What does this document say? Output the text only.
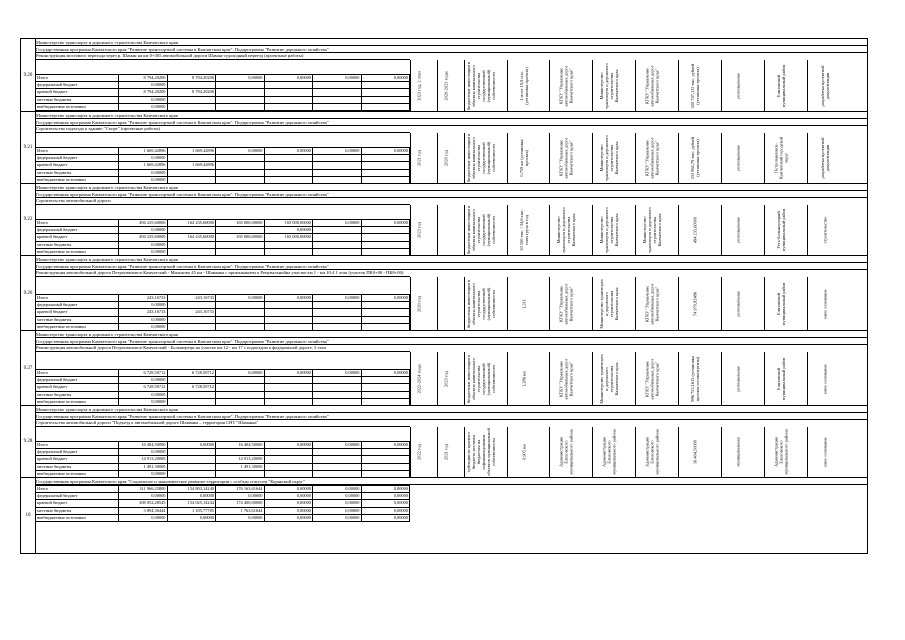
9.20
Министерство транспорта и дорожного строительства Камчатского края
Государственная программа Камчатского края "Развитие транспортной системы в Камчатском крае". Подпрограмма "Развитие дорожного хозяйства"
Реконструкция мостового перехода через р. Шаман на км 0+305 автомобильной дороги Шаман-судоходный переезд (проектные работы)
Итого	8 794,20200	8 794,20200	0,00000	0,00000	0,00000	0,00000
федеральный бюджет	0,00000					
краевой бюджет	8 794,20200	8 794,20200				
местные бюджеты	0,00000					
внебюджетные источники	0,00000					
2023 год, 2 этап	2020-2023 годы	бюджетные инвестиции в объекты капитального строительства государственной (муниципальной) собственности	1 мост 19,9 п.м. (установка проекта)	КГКУ "Управление автомобильных дорог Камчатского края"	Министерство транспорта и дорожного строительства Камчатского края	КГКУ "Управление автомобильных дорог Камчатского края"	200 747,115 тыс. рублей (установка проекта)	региональная	Елизовский муниципальный район	разработка проектной документации
9.21
Министерство транспорта и дорожного строительства Камчатского края
Государственная программа Камчатского края "Развитие транспортной системы в Камчатском крае". Подпрограмма "Развитие дорожного хозяйства"
Строительство подъезда к зданию "Спорт" (проектные работы)
Итого	1 669,42896	1 669,42896	0,00000	0,00000	0,00000	0,00000
федеральный бюджет	0,00000					
краевой бюджет	1 669,42896	1 669,42896				
местные бюджеты	0,00000					
внебюджетные источники	0,00000					
2021 год	2020 год	бюджетные инвестиции в объекты капитального строительства государственной (муниципальной) собственности	0,759 км (установка проекта)	КГКУ "Управление автомобильных дорог Камчатского края"	Министерство транспорта и дорожного строительства Камчатского края	КГКУ "Управление автомобильных дорог Камчатского края"	233 865,79 тыс. рублей (установка проекта)	региональная	Петропавловск-Камчатский городской округ	разработка проектной документации
9.22
Министерство транспорта и дорожного строительства Камчатского края
Государственная программа Камчатского края "Развитие транспортной системы в Камчатском крае". Подпрограмма "Развитие дорожного хозяйства"
Строительство автомобильной дороги
Итого	494 235,60000	164 235,60000	165 000,00000	165 000,00000	0,00000	0,00000
федеральный бюджет	0,00000			0,00000		
краевой бюджет	494 235,60000	164 235,60000	165 000,00000	165 000,00000		
местные бюджеты	0,00000					
внебюджетные источники	0,00000					
2023 год	бюджетные инвестиции в объекты капитального строительства государственной (муниципальной) собственности	50 500 тыс. / 34,6 тыс. тонн груза в год	Министерство транспорта и дорожного строительства Камчатского края	Министерство транспорта и дорожного строительства Камчатского края	Министерство транспорта и дорожного строительства Камчатского края	494 235,60000	региональная	Усть-Большерецкий муниципальный район	строительство
9.26
Министерство транспорта и дорожного строительства Камчатского края
Государственная программа Камчатского края "Развитие транспортной системы в Камчатском крае". Подпрограмма "Развитие дорожного хозяйства"
Реконструкция автомобильной дороги Петропавловск-Камчатский - Мильково 45 км - Шаманка с примыканием к Ремувальнойна участке км 1 - км 10,4 1 этап (участок ПК0+00 - ПК8+00)
Итого	243,16733	243,16733	0,00000	0,00000	0,00000	0,00000
федеральный бюджет	0,00000					
краевой бюджет	243,16733	243,16733				
местные бюджеты	0,00000					
внебюджетные источники	0,00000					
2020 год	бюджетные инвестиции в объекты капитального строительства государственной (муниципальной) собственности	1,311	КГКУ "Управление автомобильных дорог Камчатского края"	Министерство транспорта и дорожного строительства Камчатского края	КГКУ "Управление автомобильных дорог Камчатского края"	74 970,82486	региональная	Елизовский муниципальный район	иное основание
9.27
Министерство транспорта и дорожного строительства Камчатского края
Государственная программа Камчатского края "Развитие транспортной системы в Камчатском крае". Подпрограмма "Развитие дорожного хозяйства"
Реконструкция автомобильной дороги Петропавловск-Камчатский - Большерецк на участке км 12 - км 17 с подъездом к федеральной дороге. 3 этап
Итого	6 728,50712	6 728,50712	0,00000	0,00000	0,00000	0,00000
федеральный бюджет	0,00000					
краевой бюджет	6 728,50712	6 728,50712				
местные бюджеты	0,00000					
внебюджетные источники	0,00000					
2022-2024 годы	2023 год	бюджетные инвестиции в объекты капитального строительства государственной (муниципальной) собственности	1,286 км	КГКУ "Управление автомобильных дорог Камчатского края"	Министерство транспорта и дорожного строительства Камчатского края	КГКУ "Управление автомобильных дорог Камчатского края"	986 753,1612 (установка проекта госэкспертизы)	региональная	Елизовский муниципальный район	иное основание
9.28
Министерство транспорта и дорожного строительства Камчатского края
Государственная программа Камчатского края "Развитие транспортной системы в Камчатском крае". Подпрограмма "Развитие дорожного хозяйства"
Строительство автомобильной дороги "Подъезд к автомобильной дороге Шаманка – территория СНТ "Шаманка"
Итого	16 404,50000	0,00000	16 404,50000	0,00000	0,00000	0,00000
федеральный бюджет	0,00000					
краевой бюджет	14 913,20000		14 913,20000			
местные бюджеты	1 491,30000		1 491,30000			
внебюджетные источники	0,00000					
2022 год	2021 год	субсидии из краевого бюджета местным бюджетам на софинансирование объектов муниципальной собственности	0,905 км	Администрация Елизовского муниципального района	Администрация Елизовского муниципального района	Администрация Елизовского муниципального района	16 404,50000	муниципальная	Администрация Елизовского муниципального района	иное основание
10
Государственная программа Камчатского края "Социальное и экономическое развитие территории с особым статусом "Корякский округ"
Итого	311 966,25800	154 803,14240	176 163,61644	0,00000	0,00000	0,00000
федеральный бюджет	0,00000	0,00000	0,00000	0,00000	0,00000	0,00000
краевой бюджет	308 052,28545	154 025,14244	174 400,00000	0,00000	0,00000	0,00000
местные бюджеты	3 894,36444	1 185,77785	1 763,61644	0,00000	0,00000	0,00000
внебюджетные источники	0,00000	0,00000	0,00000	0,00000	0,00000	0,00000
